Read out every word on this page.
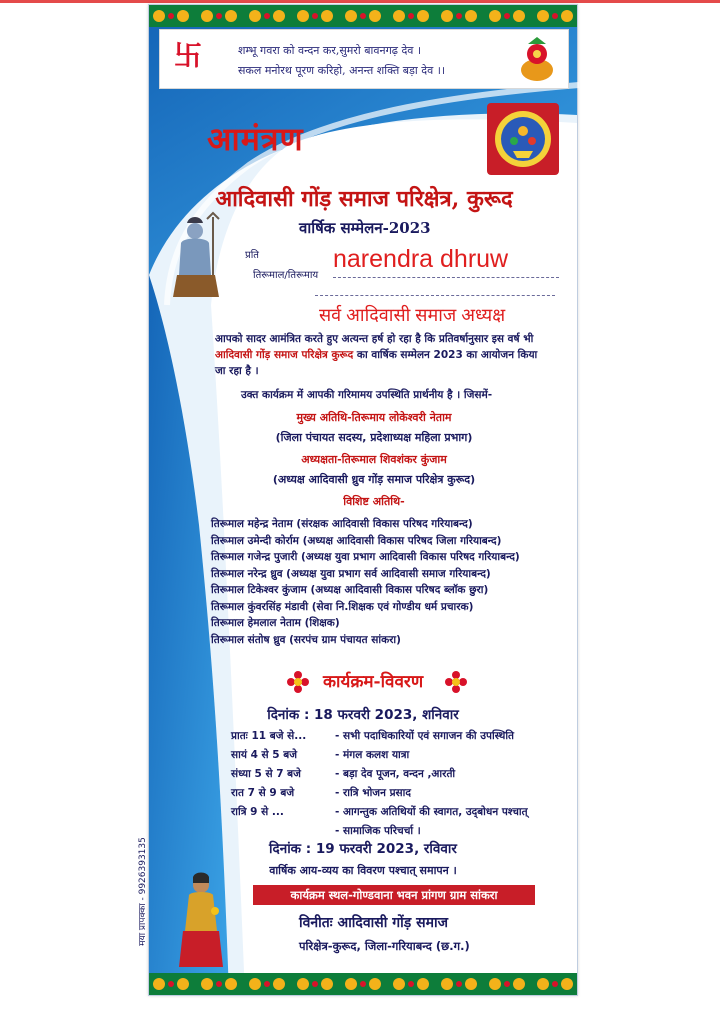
卐	शम्भू गवरा को वन्दन कर,सुमरो बावनगढ़ देव ।
सकल मनोरथ पूरण करिहो, अनन्त शक्ति बड़ा देव ।।
आमंत्रण
आदिवासी गोंड़ समाज परिक्षेत्र, कुरूद
वार्षिक सम्मेलन-2023
प्रति
तिरूमाल/तिरूमाय
narendra dhruw
सर्व आदिवासी समाज अध्यक्ष

आपको सादर आमंत्रित करते हुए अत्यन्त हर्ष हो रहा है कि प्रतिवर्षानुसार इस वर्ष भी

आदिवासी गोंड़ समाज परिक्षेत्र कुरूद का वार्षिक सम्मेलन 2023 का आयोजन किया

जा रहा है ।

उक्त कार्यक्रम में आपकी गरिमामय उपस्थिति प्रार्थनीय है । जिसमें-
मुख्य अतिथि-तिरूमाय लोकेश्वरी नेताम
(जिला पंचायत सदस्य, प्रदेशाध्यक्ष महिला प्रभाग)
अध्यक्षता-तिरूमाल शिवशंकर कुंजाम
(अध्यक्ष आदिवासी ध्रुव गोंड़ समाज परिक्षेत्र कुरूद)
विशिष्ट अतिथि-
तिरूमाल महेन्द्र नेताम (संरक्षक आदिवासी विकास परिषद गरियाबन्द)
तिरूमाल उमेन्दी कोर्राम (अध्यक्ष आदिवासी विकास परिषद जिला गरियाबन्द)
तिरूमाल गजेन्द्र पुजारी (अध्यक्ष युवा प्रभाग आदिवासी विकास परिषद गरियाबन्द)
तिरूमाल नरेन्द्र ध्रुव (अध्यक्ष युवा प्रभाग सर्व आदिवासी समाज गरियाबन्द)
तिरूमाल टिकेश्वर कुंजाम (अध्यक्ष आदिवासी विकास परिषद ब्लॉक छुरा)
तिरूमाल कुंवरसिंह मंडावी (सेवा नि.शिक्षक एवं गोण्डीय धर्म प्रचारक)
तिरूमाल हेमलाल नेताम (शिक्षक)
तिरूमाल संतोष ध्रुव (सरपंच ग्राम पंचायत सांकरा)
कार्यक्रम-विवरण
दिनांक : 18 फरवरी 2023, शनिवार
प्रातः 11 बजे से...	- सभी पदाधिकारियों एवं सगाजन की उपस्थिति
सायं 4 से 5 बजे	- मंगल कलश यात्रा
संध्या 5 से 7 बजे	- बड़ा देव पूजन, वन्दन ,आरती
रात 7 से 9 बजे	- रात्रि भोजन प्रसाद
रात्रि 9 से ...	- आगन्तुक अतिथियों की स्वागत, उद्‌बोधन पश्चात्
- सामाजिक परिचर्चा ।
दिनांक : 19 फरवरी 2023, रविवार
वार्षिक आय-व्यय का विवरण पश्चात् समापन ।
कार्यक्रम स्थल-गोण्डवाना भवन प्रांगण ग्राम सांकरा
विनीतः आदिवासी गोंड़ समाज
परिक्षेत्र-कुरूद, जिला-गरियाबन्द (छ.ग.)
मया प्रापक्का - 9926393135
